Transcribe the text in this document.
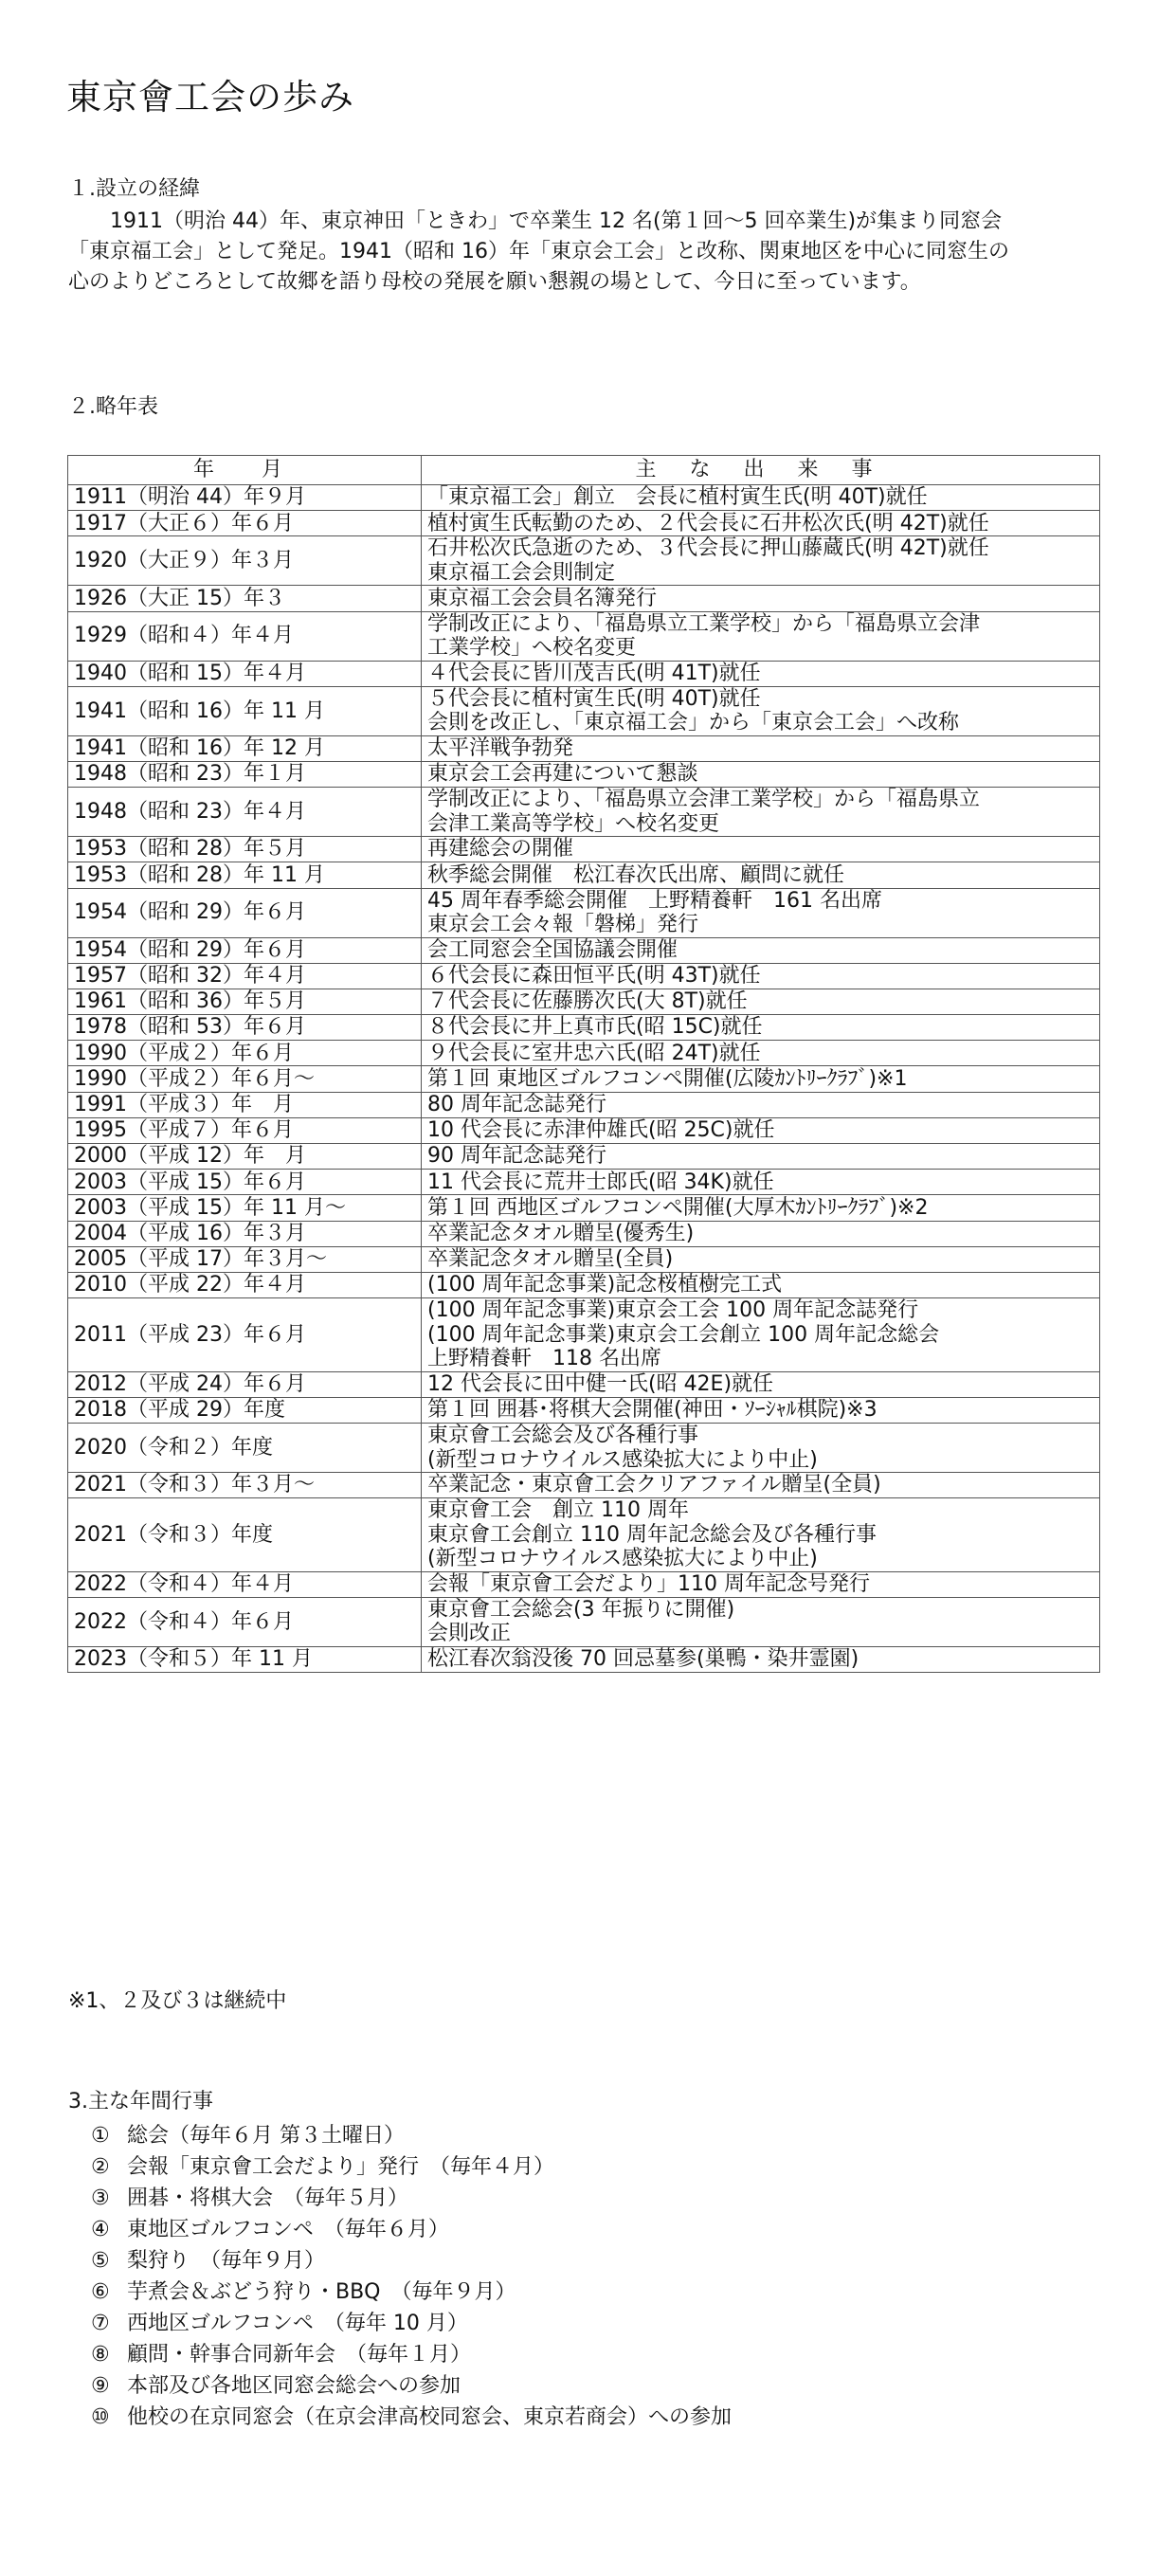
東京會工会の歩み
１.設立の経緯

1911（明治 44）年、東京神田「ときわ」で卒業生 12 名(第１回～5 回卒業生)が集まり同窓会「東京福工会」として発足。1941（昭和 16）年「東京会工会」と改称、関東地区を中心に同窓生の心のよりどころとして故郷を語り母校の発展を願い懇親の場として、今日に至っています。

２.略年表
年　月	主 な 出 来 事
1911（明治 44）年９月	「東京福工会」創立　会長に植村寅生氏(明 40T)就任

1917（大正６）年６月	植村寅生氏転勤のため、２代会長に石井松次氏(明 42T)就任

1920（大正９）年３月	石井松次氏急逝のため、３代会長に押山藤蔵氏(明 42T)就任
東京福工会会則制定

1926（大正 15）年３	東京福工会会員名簿発行

1929（昭和４）年４月	学制改正により、「福島県立工業学校」から「福島県立会津
工業学校」へ校名変更

1940（昭和 15）年４月	４代会長に皆川茂吉氏(明 41T)就任

1941（昭和 16）年 11 月	５代会長に植村寅生氏(明 40T)就任
会則を改正し、「東京福工会」から「東京会工会」へ改称

1941（昭和 16）年 12 月	太平洋戦争勃発

1948（昭和 23）年１月	東京会工会再建について懇談

1948（昭和 23）年４月	学制改正により、「福島県立会津工業学校」から「福島県立
会津工業高等学校」へ校名変更

1953（昭和 28）年５月	再建総会の開催

1953（昭和 28）年 11 月	秋季総会開催　松江春次氏出席、顧問に就任

1954（昭和 29）年６月	45 周年春季総会開催　上野精養軒　161 名出席
東京会工会々報「磐梯」発行

1954（昭和 29）年６月	会工同窓会全国協議会開催

1957（昭和 32）年４月	６代会長に森田恒平氏(明 43T)就任

1961（昭和 36）年５月	７代会長に佐藤勝次氏(大 8T)就任

1978（昭和 53）年６月	８代会長に井上真市氏(昭 15C)就任

1990（平成２）年６月	９代会長に室井忠六氏(昭 24T)就任

1990（平成２）年６月～	第１回 東地区ゴルフコンペ開催(広陵ｶﾝﾄﾘｰｸﾗﾌﾞ)※1

1991（平成３）年　月	80 周年記念誌発行

1995（平成７）年６月	10 代会長に赤津仲雄氏(昭 25C)就任

2000（平成 12）年　月	90 周年記念誌発行

2003（平成 15）年６月	11 代会長に荒井士郎氏(昭 34K)就任

2003（平成 15）年 11 月～	第１回 西地区ゴルフコンペ開催(大厚木ｶﾝﾄﾘｰｸﾗﾌﾞ)※2

2004（平成 16）年３月	卒業記念タオル贈呈(優秀生)

2005（平成 17）年３月～	卒業記念タオル贈呈(全員)

2010（平成 22）年４月	(100 周年記念事業)記念桜植樹完工式

2011（平成 23）年６月	(100 周年記念事業)東京会工会 100 周年記念誌発行
(100 周年記念事業)東京会工会創立 100 周年記念総会
上野精養軒　118 名出席

2012（平成 24）年６月	12 代会長に田中健一氏(昭 42E)就任

2018（平成 29）年度	第１回 囲碁･将棋大会開催(神田・ｿｰｼｬﾙ棋院)※3

2020（令和２）年度	東京會工会総会及び各種行事
(新型コロナウイルス感染拡大により中止)

2021（令和３）年３月～	卒業記念・東京會工会クリアファイル贈呈(全員)

2021（令和３）年度	東京會工会　創立 110 周年
東京會工会創立 110 周年記念総会及び各種行事
(新型コロナウイルス感染拡大により中止)

2022（令和４）年４月	会報「東京會工会だより」110 周年記念号発行

2022（令和４）年６月	東京會工会総会(3 年振りに開催)
会則改正

2023（令和５）年 11 月	松江春次翁没後 70 回忌墓参(巣鴨・染井霊園)
※1、２及び３は継続中
3.主な年間行事
① 総会（毎年６月 第３土曜日）
② 会報「東京會工会だより」発行　（毎年４月）
③ 囲碁・将棋大会　（毎年５月）
④ 東地区ゴルフコンペ　（毎年６月）
⑤ 梨狩り　（毎年９月）
⑥ 芋煮会＆ぶどう狩り・BBQ　（毎年９月）
⑦ 西地区ゴルフコンペ　（毎年 10 月）
⑧ 顧問・幹事合同新年会　（毎年１月）
⑨ 本部及び各地区同窓会総会への参加
⑩ 他校の在京同窓会（在京会津高校同窓会、東京若商会）への参加
